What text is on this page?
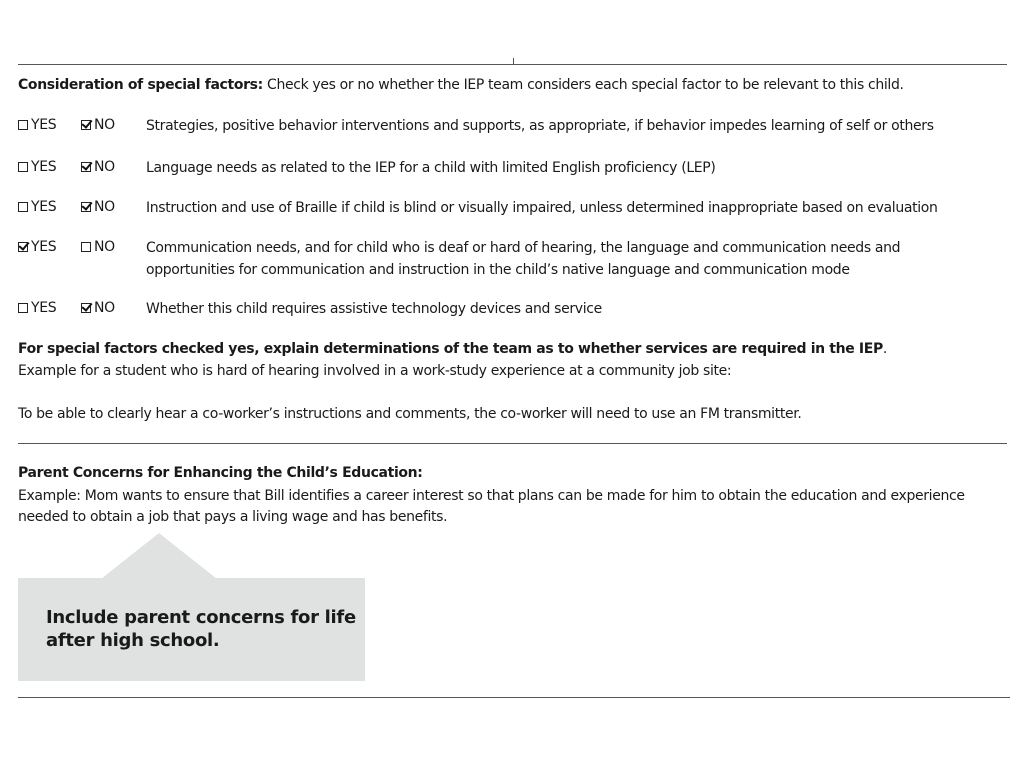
Consideration of special factors: Check yes or no whether the IEP team considers each special factor to be relevant to this child.
YES	NO Strategies, positive behavior interventions and supports, as appropriate, if behavior impedes learning of self or others
YES	NO Language needs as related to the IEP for a child with limited English proficiency (LEP)
YES	NO Instruction and use of Braille if child is blind or visually impaired, unless determined inappropriate based on evaluation
YES	NO Communication needs, and for child who is deaf or hard of hearing, the language and communication needs and
opportunities for communication and instruction in the child’s native language and communication mode
YES	NO Whether this child requires assistive technology devices and service
For special factors checked yes, explain determinations of the team as to whether services are required in the IEP.
Example for a student who is hard of hearing involved in a work-study experience at a community job site:
To be able to clearly hear a co-worker’s instructions and comments, the co-worker will need to use an FM transmitter.
Parent Concerns for Enhancing the Child’s Education:
Example: Mom wants to ensure that Bill identifies a career interest so that plans can be made for him to obtain the education and experience
needed to obtain a job that pays a living wage and has benefits.
Include parent concerns for life
after high school.
